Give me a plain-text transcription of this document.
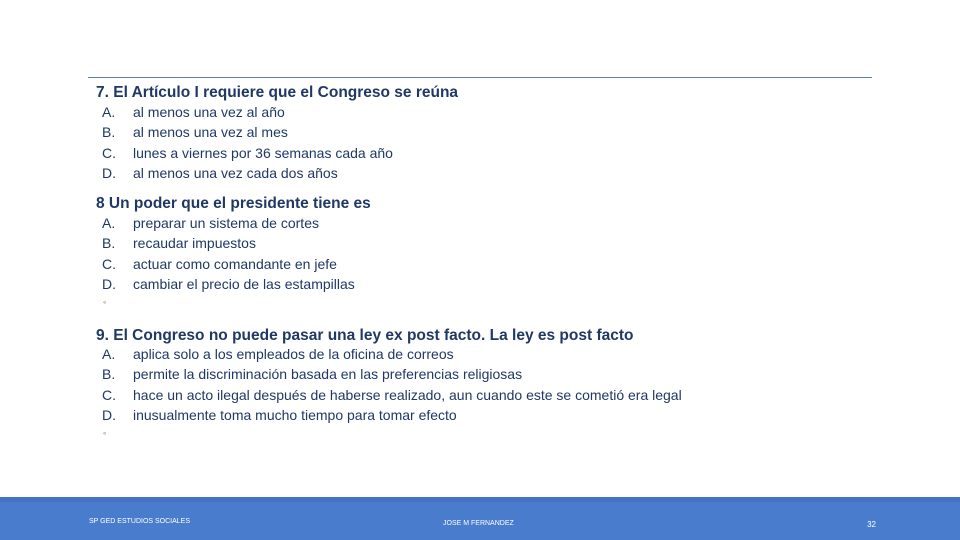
7. El Artículo I requiere que el Congreso se reúna
A. al menos una vez al año
B. al menos una vez al mes
C. lunes a viernes por 36 semanas cada año
D. al menos una vez cada dos años
8 Un poder que el presidente tiene es
A. preparar un sistema de cortes
B. recaudar impuestos
C. actuar como comandante en jefe
D. cambiar el precio de las estampillas
◦
9. El Congreso no puede pasar una ley ex post facto. La ley es post facto
A. aplica solo a los empleados de la oficina de correos
B. permite la discriminación basada en las preferencias religiosas
C. hace un acto ilegal después de haberse realizado, aun cuando este se cometió era legal
D. inusualmente toma mucho tiempo para tomar efecto
◦
SP GED ESTUDIOS SOCIALES	JOSE M FERNANDEZ	32
